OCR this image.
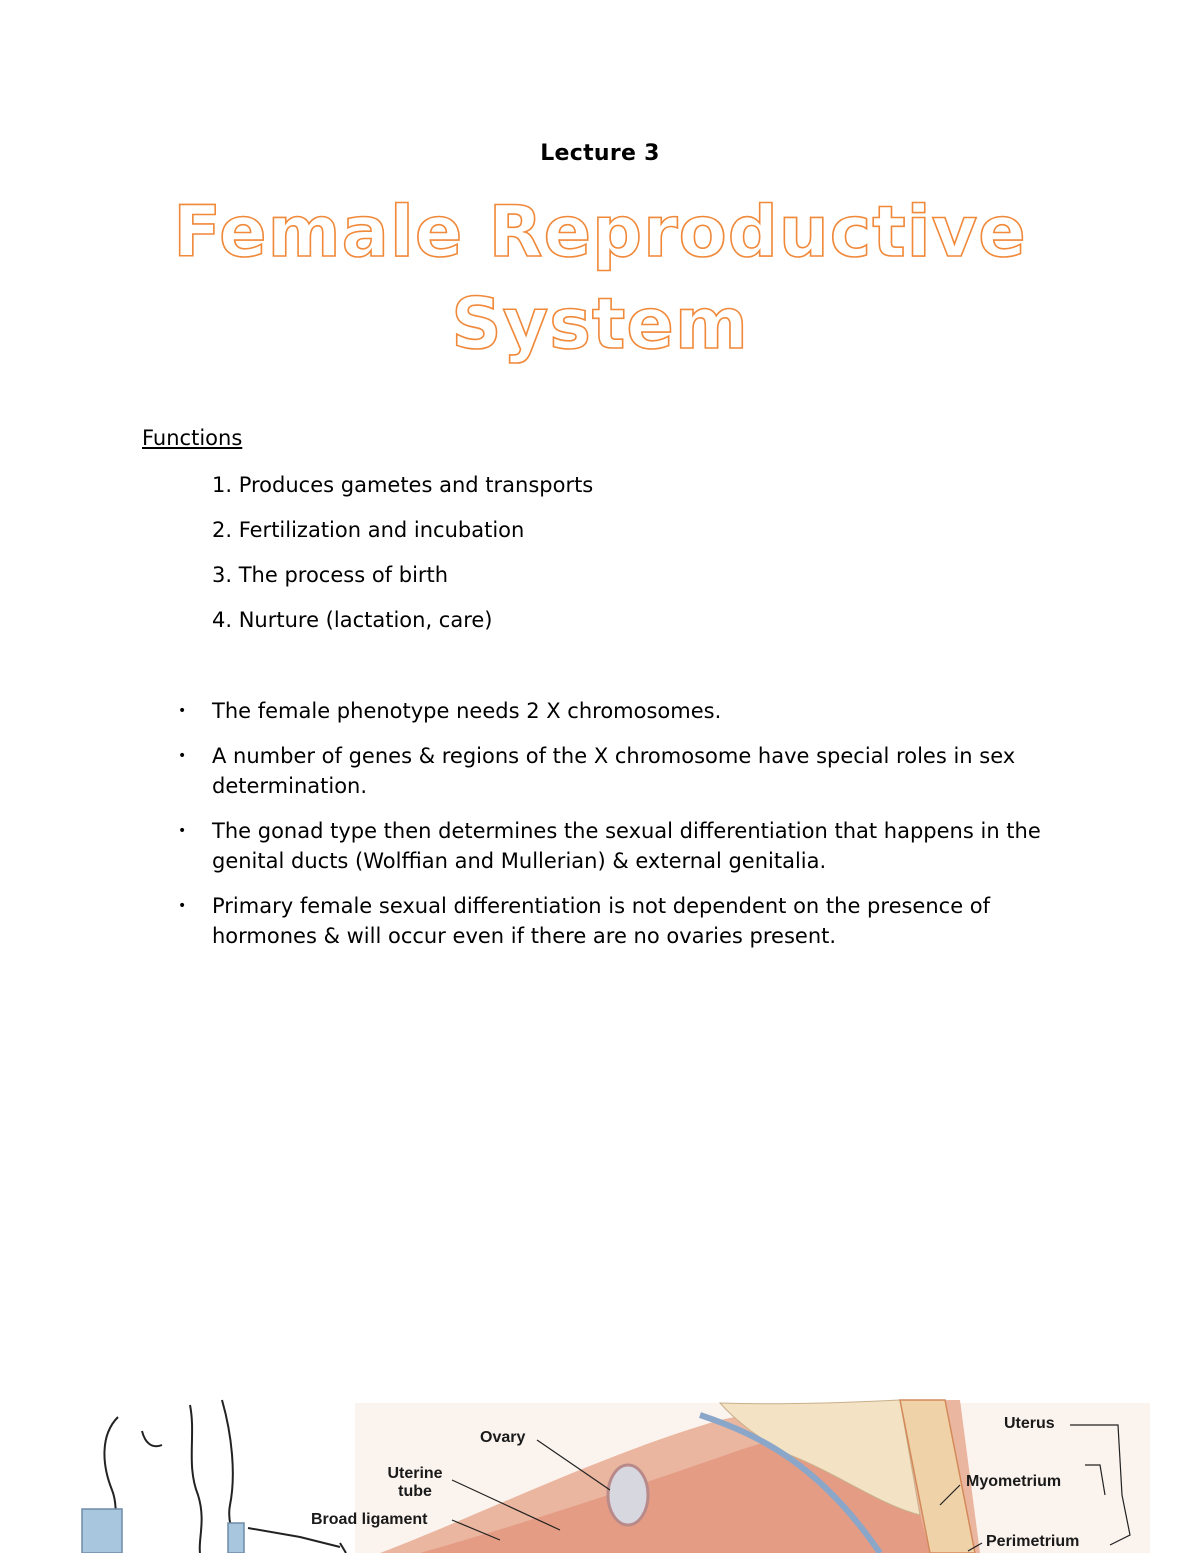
Lecture 3
Female Reproductive
System
Functions
1. Produces gametes and transports
2. Fertilization and incubation
3. The process of birth
4. Nurture (lactation, care)
• The female phenotype needs 2 X chromosomes.
• A number of genes & regions of the X chromosome have special roles in sex determination.
• The gonad type then determines the sexual differentiation that happens in the genital ducts (Wolffian and Mullerian) & external genitalia.
• Primary female sexual differentiation is not dependent on the presence of hormones & will occur even if there are no ovaries present.
Ovary
Uterine
tube
Broad ligament
Uterus
Myometrium
Perimetrium
